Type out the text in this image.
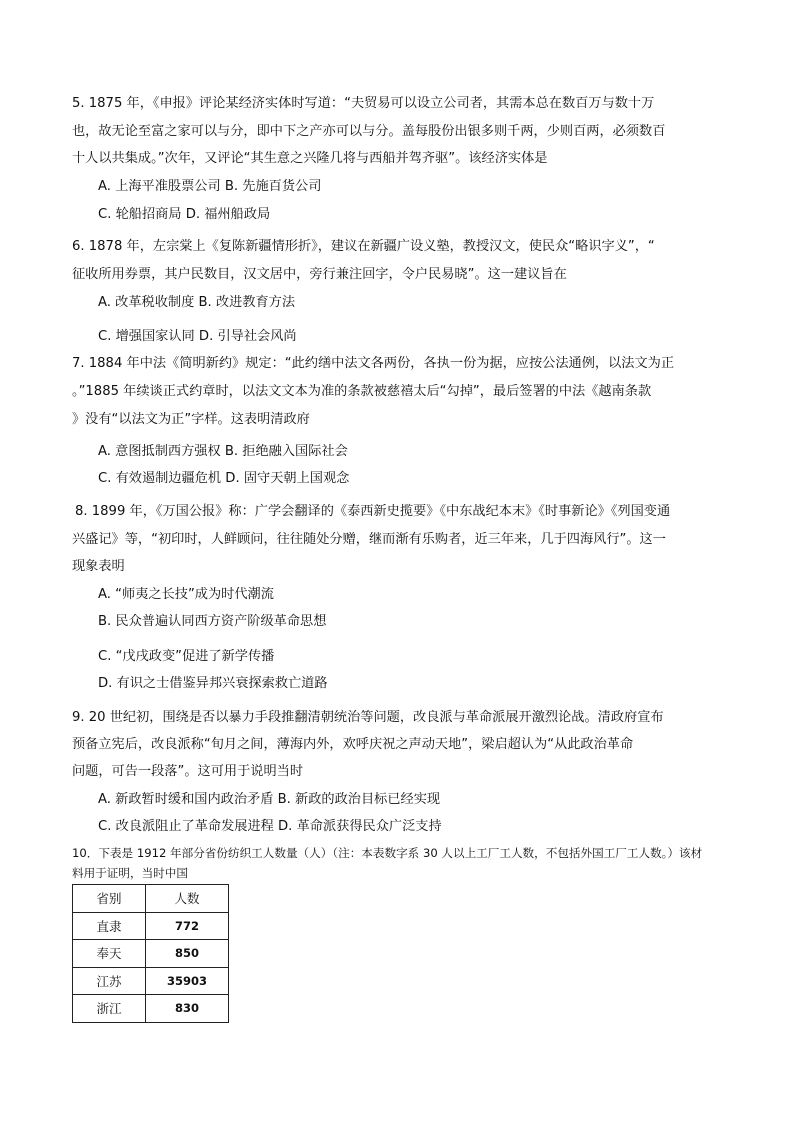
5. 1875 年，《申报》评论某经济实体时写道：“夫贸易可以设立公司者，其需本总在数百万与数十万
也，故无论至富之家可以与分，即中下之产亦可以与分。盖每股份出银多则千两，少则百两，必须数百
十人以共集成。”次年，又评论“其生意之兴隆几将与西船并驾齐驱”。该经济实体是
A. 上海平准股票公司 B. 先施百货公司
C. 轮船招商局 D. 福州船政局
6. 1878 年，左宗棠上《复陈新疆情形折》，建议在新疆广设义塾，教授汉文，使民众“略识字义”，“
征收所用券票，其户民数目，汉文居中，旁行兼注回字，令户民易晓”。这一建议旨在
A. 改革税收制度 B. 改进教育方法
C. 增强国家认同 D. 引导社会风尚
7. 1884 年中法《简明新约》规定：“此约缮中法文各两份，各执一份为据，应按公法通例，以法文为正
。”1885 年续谈正式约章时，以法文文本为准的条款被慈禧太后“勾掉”，最后签署的中法《越南条款
》没有“以法文为正”字样。这表明清政府
A. 意图抵制西方强权 B. 拒绝融入国际社会
C. 有效遏制边疆危机 D. 固守天朝上国观念
8. 1899 年，《万国公报》称：广学会翻译的《泰西新史揽要》《中东战纪本末》《时事新论》《列国变通
兴盛记》等，“初印时，人鲜顾问，往往随处分赠，继而渐有乐购者，近三年来，几于四海风行”。这一
现象表明
A. “师夷之长技”成为时代潮流
B. 民众普遍认同西方资产阶级革命思想
C. “戊戌政变”促进了新学传播
D. 有识之士借鉴异邦兴衰探索救亡道路
9. 20 世纪初，围绕是否以暴力手段推翻清朝统治等问题，改良派与革命派展开激烈论战。清政府宣布
预备立宪后，改良派称“旬月之间，薄海内外，欢呼庆祝之声动天地”，梁启超认为“从此政治革命
问题，可告一段落”。这可用于说明当时
A. 新政暂时缓和国内政治矛盾 B. 新政的政治目标已经实现
C. 改良派阻止了革命发展进程 D. 革命派获得民众广泛支持
10．下表是 1912 年部分省份纺织工人数量（人）（注：本表数字系 30 人以上工厂工人数，不包括外国工厂工人数。）该材
料用于证明，当时中国
省别	人数
直隶	772
奉天	850
江苏	35903
浙江	830
